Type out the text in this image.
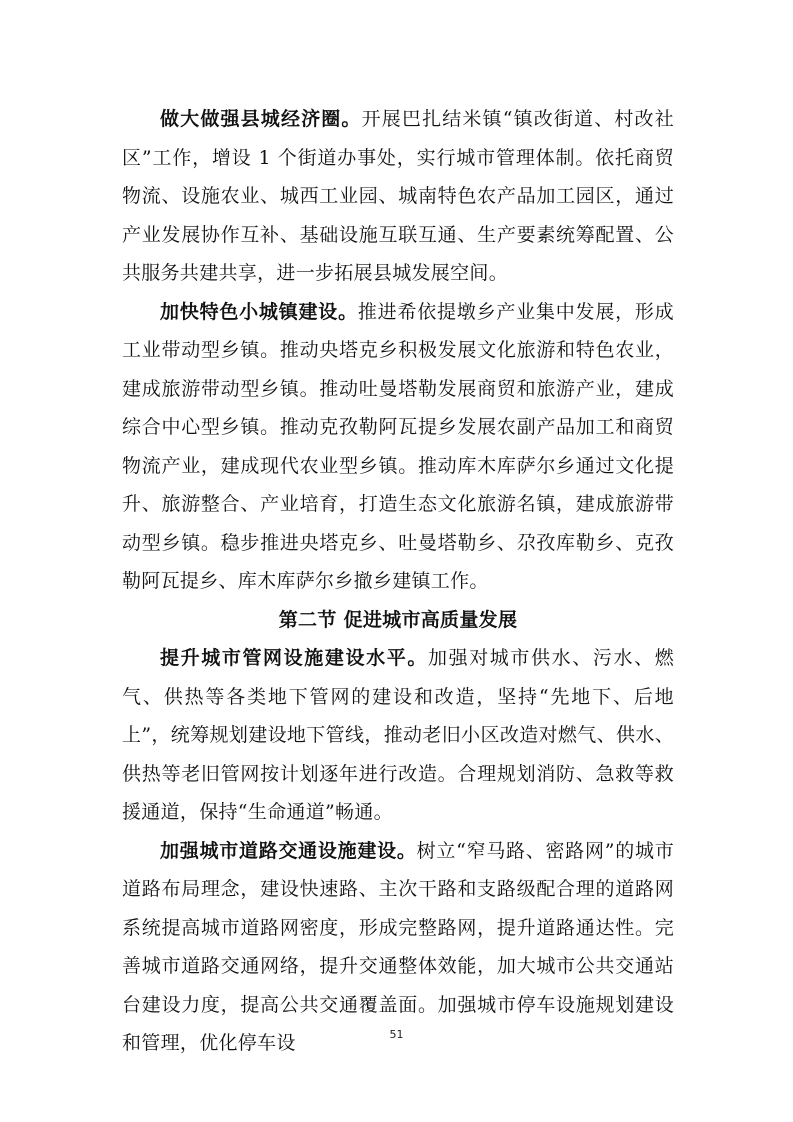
做大做强县城经济圈。开展巴扎结米镇“镇改街道、村改社区”工作，增设 1 个街道办事处，实行城市管理体制。依托商贸物流、设施农业、城西工业园、城南特色农产品加工园区，通过产业发展协作互补、基础设施互联互通、生产要素统筹配置、公共服务共建共享，进一步拓展县城发展空间。

加快特色小城镇建设。推进希依提墩乡产业集中发展，形成工业带动型乡镇。推动央塔克乡积极发展文化旅游和特色农业，建成旅游带动型乡镇。推动吐曼塔勒发展商贸和旅游产业，建成综合中心型乡镇。推动克孜勒阿瓦提乡发展农副产品加工和商贸物流产业，建成现代农业型乡镇。推动库木库萨尔乡通过文化提升、旅游整合、产业培育，打造生态文化旅游名镇，建成旅游带动型乡镇。稳步推进央塔克乡、吐曼塔勒乡、尕孜库勒乡、克孜勒阿瓦提乡、库木库萨尔乡撤乡建镇工作。

第二节 促进城市高质量发展

提升城市管网设施建设水平。加强对城市供水、污水、燃气、供热等各类地下管网的建设和改造，坚持“先地下、后地上”，统筹规划建设地下管线，推动老旧小区改造对燃气、供水、供热等老旧管网按计划逐年进行改造。合理规划消防、急救等救援通道，保持“生命通道”畅通。

加强城市道路交通设施建设。树立“窄马路、密路网”的城市道路布局理念，建设快速路、主次干路和支路级配合理的道路网系统提高城市道路网密度，形成完整路网，提升道路通达性。完善城市道路交通网络，提升交通整体效能，加大城市公共交通站台建设力度，提高公共交通覆盖面。加强城市停车设施规划建设和管理，优化停车设	51
